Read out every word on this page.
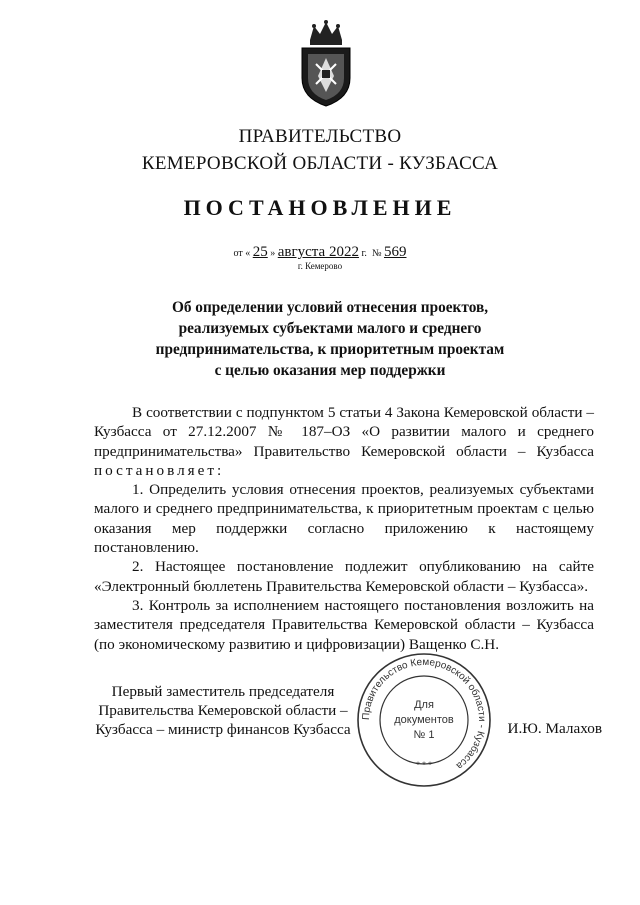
ПРАВИТЕЛЬСТВО
КЕМЕРОВСКОЙ ОБЛАСТИ - КУЗБАССА
ПОСТАНОВЛЕНИЕ
от « 25 » августа 2022 г. № 569
г. Кемерово
Об определении условий отнесения проектов,
реализуемых субъектами малого и среднего
предпринимательства, к приоритетным проектам
с целью оказания мер поддержки

В соответствии с подпунктом 5 статьи 4 Закона Кемеровской области – Кузбасса от 27.12.2007 № 187–ОЗ «О развитии малого и среднего предпринимательства» Правительство Кемеровской области – Кузбасса постановляет:

1. Определить условия отнесения проектов, реализуемых субъектами малого и среднего предпринимательства, к приоритетным проектам с целью оказания мер поддержки согласно приложению к настоящему постановлению.

2. Настоящее постановление подлежит опубликованию на сайте «Электронный бюллетень Правительства Кемеровской области – Кузбасса».

3. Контроль за исполнением настоящего постановления возложить на заместителя председателя Правительства Кемеровской области – Кузбасса (по экономическому развитию и цифровизации) Ващенко С.Н.

Первый заместитель председателя
Правительства Кемеровской области –
Кузбасса – министр финансов Кузбасса
Правительство Кемеровской области - Кузбасса
* * *
Для
документов
№ 1	И.Ю. Малахов
